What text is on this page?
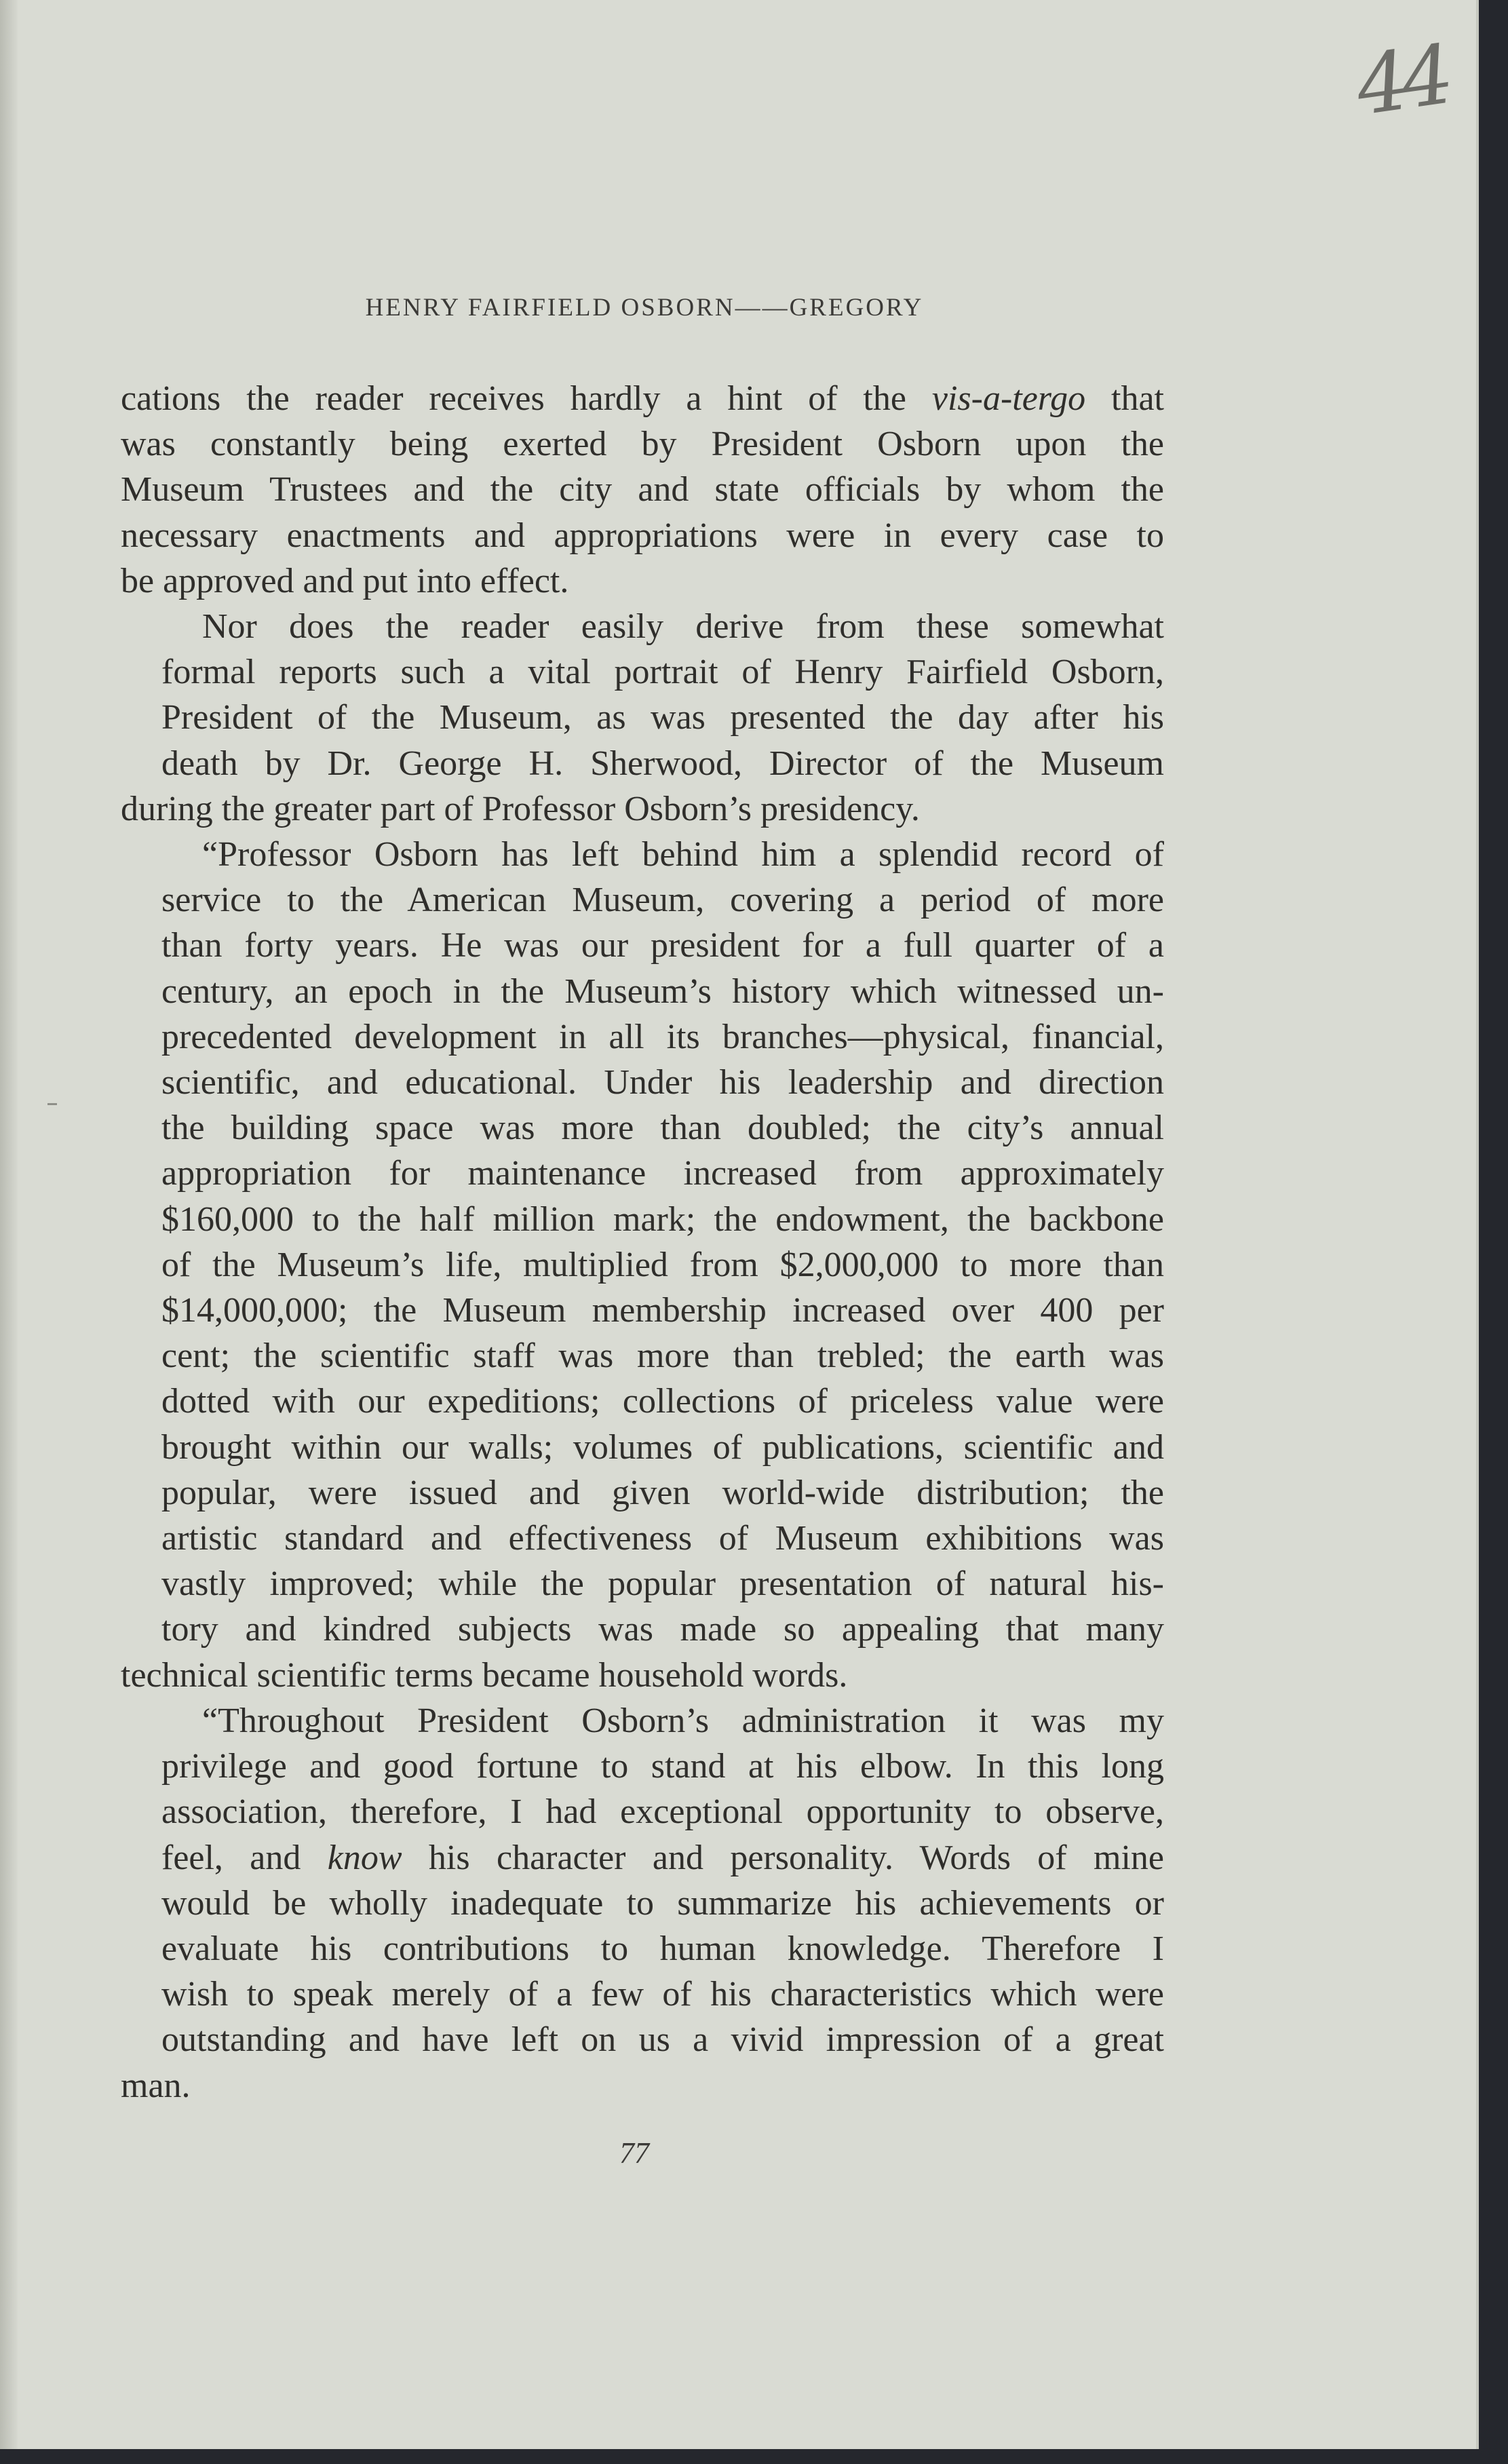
44
HENRY FAIRFIELD OSBORN——GREGORY

cations the reader receives hardly a hint of the vis-a-tergo that
was constantly being exerted by President Osborn upon the
Museum Trustees and the city and state officials by whom the
necessary enactments and appropriations were in every case to
be approved and put into effect.

Nor does the reader easily derive from these somewhat
formal reports such a vital portrait of Henry Fairfield Osborn,
President of the Museum, as was presented the day after his
death by Dr. George H. Sherwood, Director of the Museum
during the greater part of Professor Osborn’s presidency.

“Professor Osborn has left behind him a splendid record of
service to the American Museum, covering a period of more
than forty years. He was our president for a full quarter of a
century, an epoch in the Museum’s history which witnessed un-
precedented development in all its branches—physical, financial,
scientific, and educational. Under his leadership and direction
the building space was more than doubled; the city’s annual
appropriation for maintenance increased from approximately
$160,000 to the half million mark; the endowment, the backbone
of the Museum’s life, multiplied from $2,000,000 to more than
$14,000,000; the Museum membership increased over 400 per
cent; the scientific staff was more than trebled; the earth was
dotted with our expeditions; collections of priceless value were
brought within our walls; volumes of publications, scientific and
popular, were issued and given world-wide distribution; the
artistic standard and effectiveness of Museum exhibitions was
vastly improved; while the popular presentation of natural his-
tory and kindred subjects was made so appealing that many
technical scientific terms became household words.

“Throughout President Osborn’s administration it was my
privilege and good fortune to stand at his elbow. In this long
association, therefore, I had exceptional opportunity to observe,
feel, and know his character and personality. Words of mine
would be wholly inadequate to summarize his achievements or
evaluate his contributions to human knowledge. Therefore I
wish to speak merely of a few of his characteristics which were
outstanding and have left on us a vivid impression of a great
man.

77
